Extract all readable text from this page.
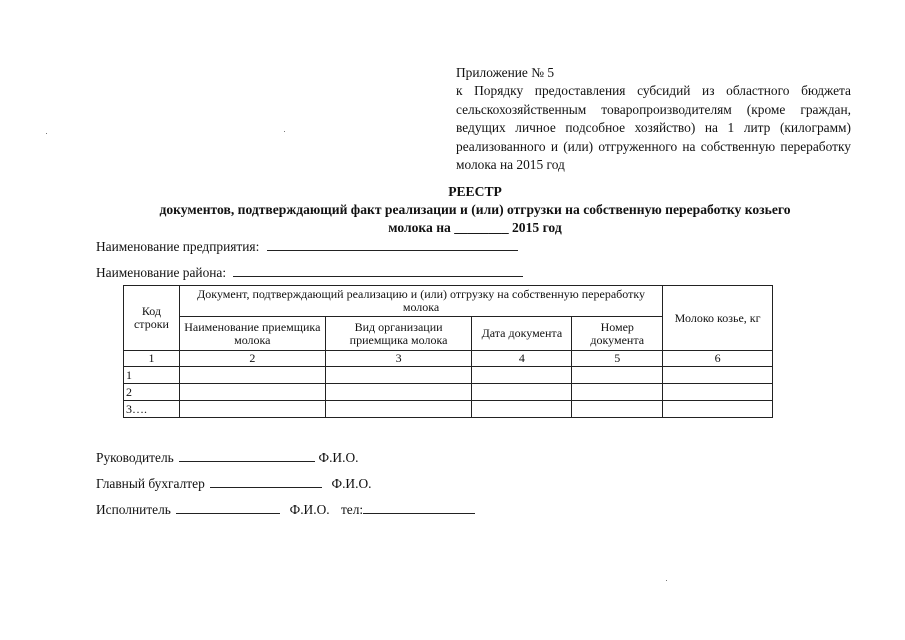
Приложение № 5
к Порядку предоставления субсидий из областного бюджета сельскохозяйственным товаропроизводителям (кроме граждан, ведущих личное подсобное хозяйство) на 1 литр (килограмм) реализованного и (или) отгруженного на собственную переработку молока на 2015 год
РЕЕСТР
документов, подтверждающий факт реализации и (или) отгрузки на собственную переработку козьего
молока на ________ 2015 год
Наименование предприятия:
Наименование района:
Код строки	Документ, подтверждающий реализацию и (или) отгрузку на собственную переработку молока				Молоко козье, кг
	Наименование приемщика молока	Вид организации приемщика молока	Дата документа	Номер документа	
1	2	3	4	5	6
1					
2					
3….					
Руководитель	Ф.И.О.
Главный бухгалтер	Ф.И.О.
Исполнитель	Ф.И.О. тел:
